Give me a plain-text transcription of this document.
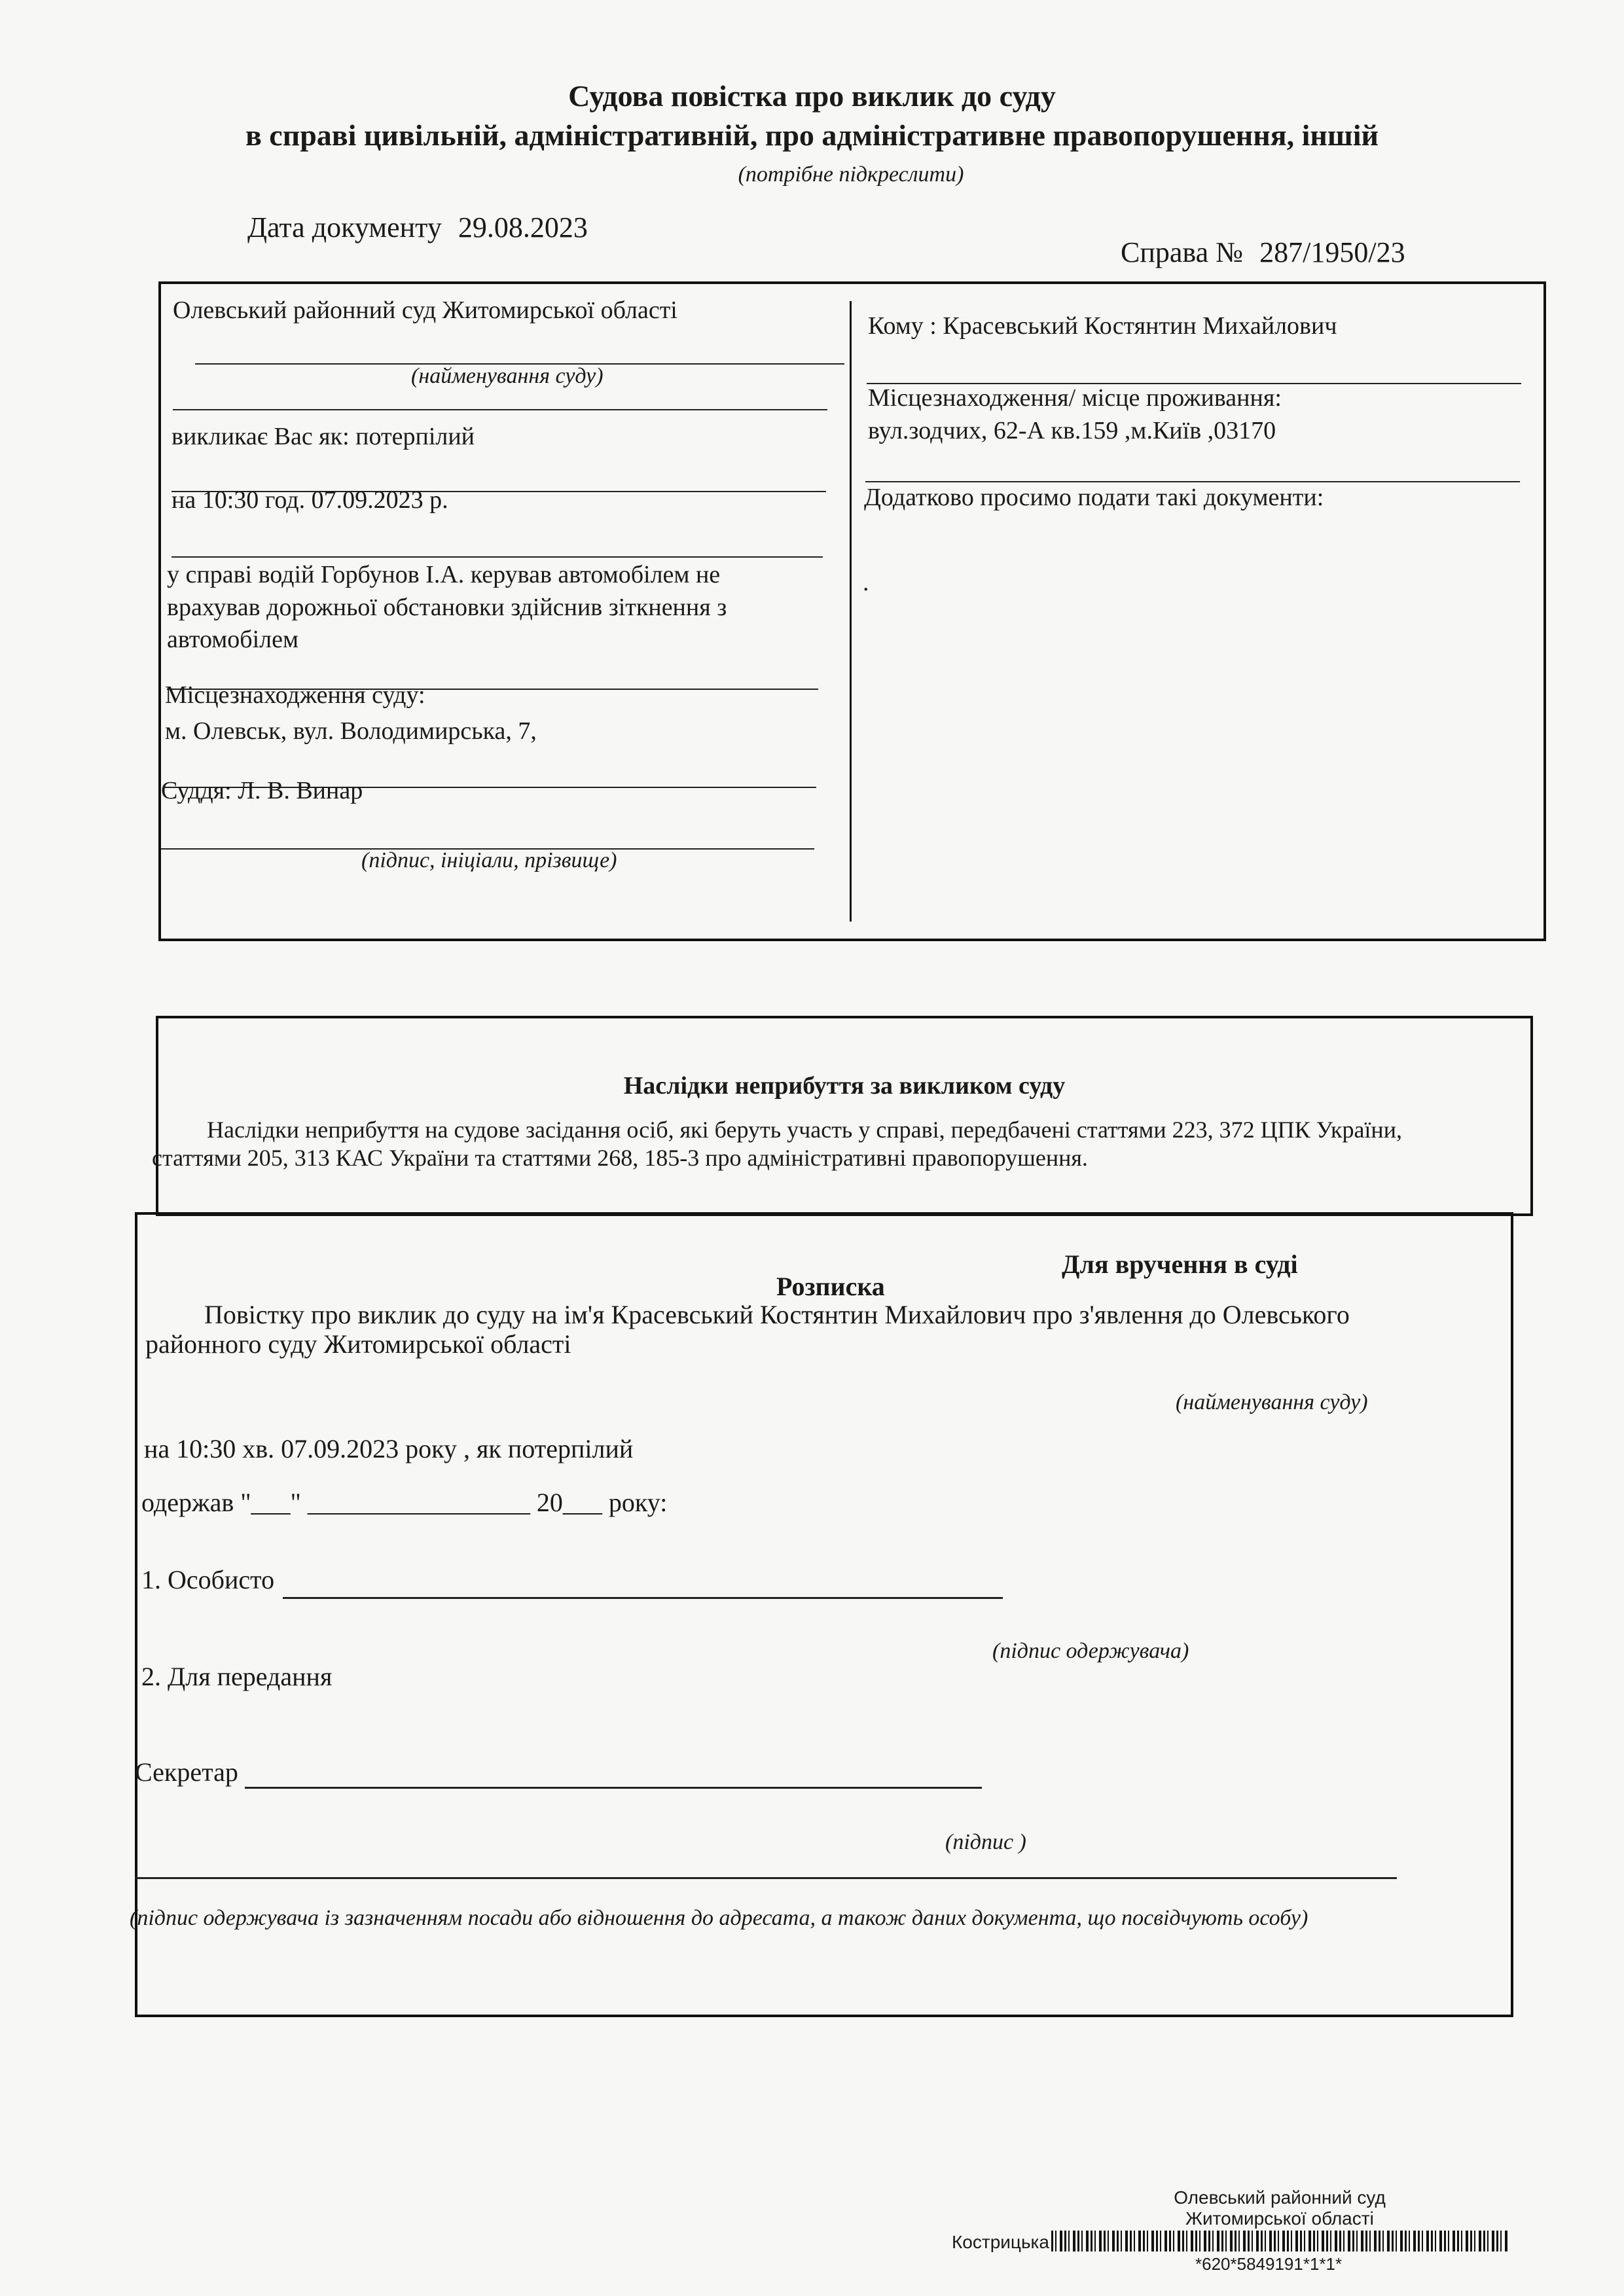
Судова повістка про виклик до суду
в справі цивільній, адміністративній, про адміністративне правопорушення, іншій
(потрібне підкреслити)
Дата документу 29.08.2023
Справа № 287/1950/23
Олевський районний суд Житомирської області
(найменування суду)
викликає Вас як: потерпілий
на 10:30 год. 07.09.2023 р.
у справі водій Горбунов І.А. керував автомобілем не
врахував дорожньої обстановки здійснив зіткнення з
автомобілем
Місцезнаходження суду:
м. Олевськ, вул. Володимирська, 7,
Суддя: Л. В. Винар
(підпис, ініціали, прізвище)
Кому : Красевський Костянтин Михайлович
Місцезнаходження/ місце проживання:
вул.зодчих, 62-А кв.159 ,м.Київ ,03170
Додатково просимо подати такі документи:
.
Наслідки неприбуття за викликом суду
Наслідки неприбуття на судове засідання осіб, які беруть участь у справі, передбачені статтями 223, 372 ЦПК України,
статтями 205, 313 КАС України та статтями 268, 185-3 про адміністративні правопорушення.
Для вручення в суді
Розписка
Повістку про виклик до суду на ім'я Красевський Костянтин Михайлович про з'явлення до Олевського
районного суду Житомирської області
(найменування суду)
на 10:30 хв. 07.09.2023 року , як потерпілий
одержав "___" _________________ 20___ року:
1. Особисто
(підпис одержувача)
2. Для передання
Секретар
(підпис )
(підпис одержувача із зазначенням посади або відношення до адресата, а також даних документа, що посвідчують особу)
Олевський районний суд
Житомирської області
Кострицька
*620*5849191*1*1*
